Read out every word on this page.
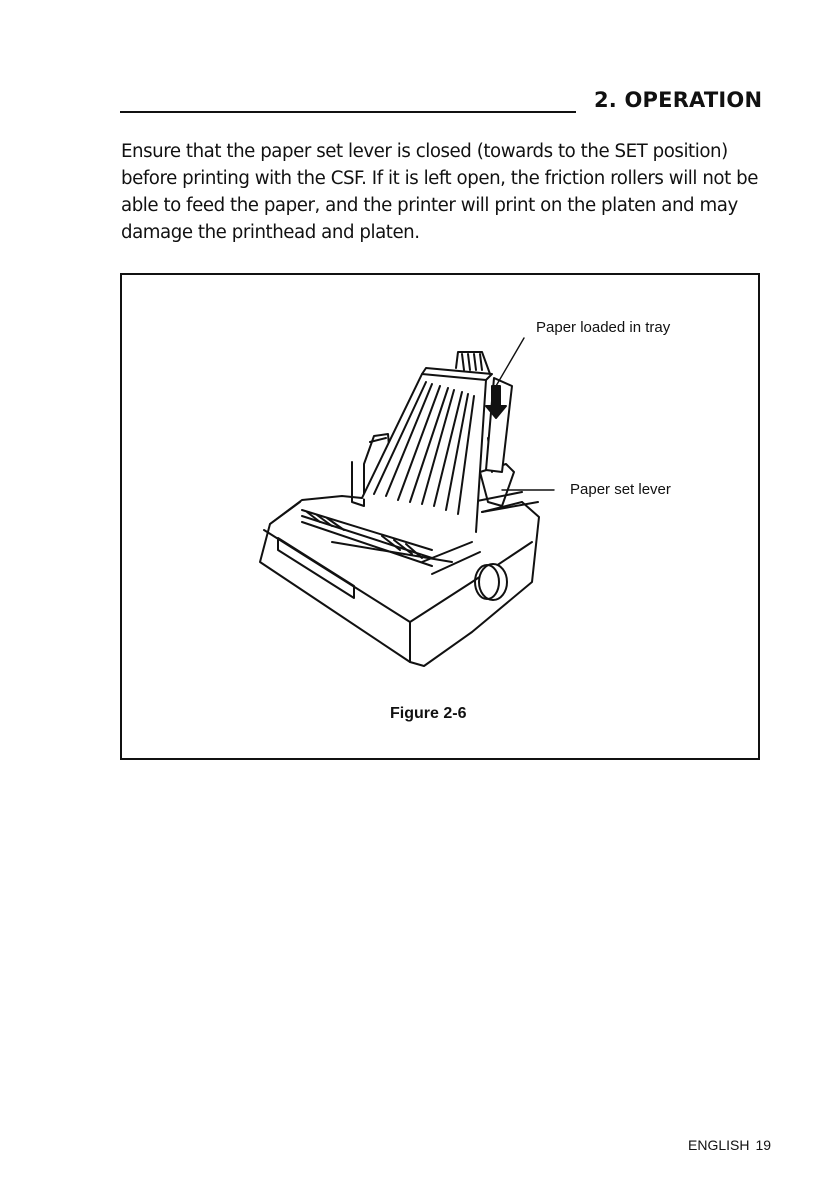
2. OPERATION

Ensure that the paper set lever is closed (towards to the SET position)
before printing with the CSF. If it is left open, the friction rollers will not be
able to feed the paper, and the printer will print on the platen and may
damage the printhead and platen.

Paper loaded in tray
Paper set lever
Figure 2-6
ENGLISH 19
